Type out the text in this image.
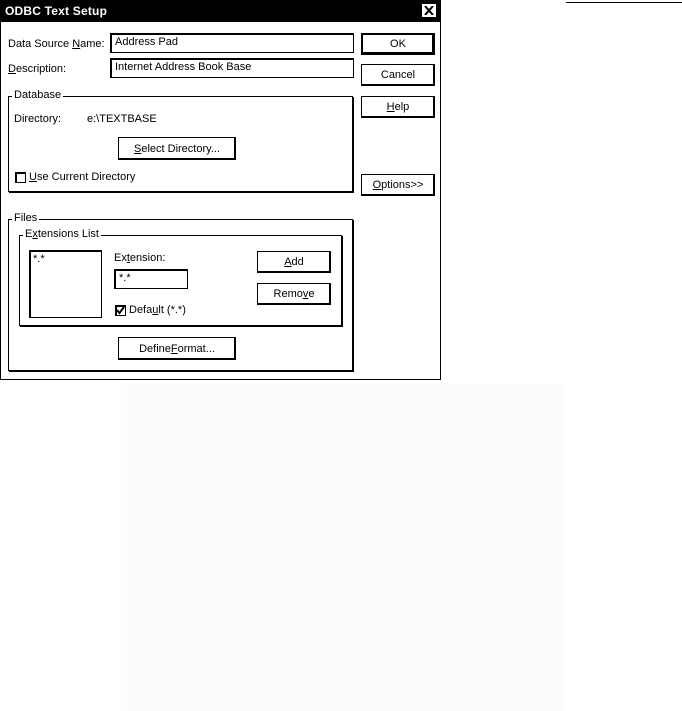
ODBC Text Setup
Data Source Name: Address Pad
Description:	Internet Address Book Base
OK
Cancel
H elp
O ptions>>
Database
Directory: e:\TEXTBASE
S elect Directory...
Use Current Directory
Files
Extensions List
*.*	Extension:
*.*
Default (*.*)
A dd
Remo v e
Define F ormat...
